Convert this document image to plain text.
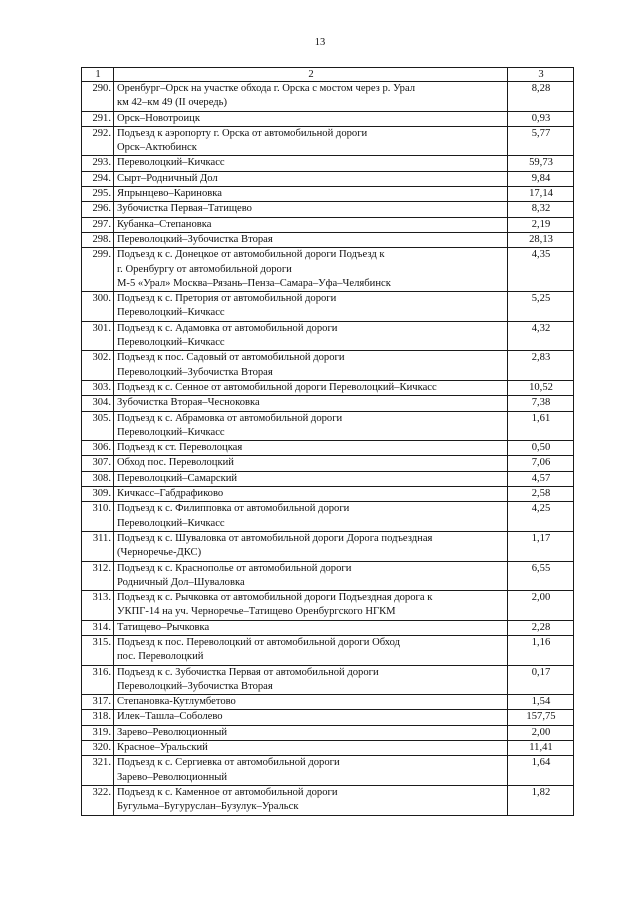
13
1	2	3
290.	Оренбург–Орск на участке обхода г. Орска с мостом через р. Урал
км 42–км 49 (II очередь)	8,28
291.	Орск–Новотроицк	0,93
292.	Подъезд к аэропорту г. Орска от автомобильной дороги
Орск–Актюбинск	5,77
293.	Переволоцкий–Кичкасс	59,73
294.	Сырт–Родничный Дол	9,84
295.	Япрынцево–Кариновка	17,14
296.	Зубочистка Первая–Татищево	8,32
297.	Кубанка–Степановка	2,19
298.	Переволоцкий–Зубочистка Вторая	28,13
299.	Подъезд к с. Донецкое от автомобильной дороги Подъезд к
г. Оренбургу от автомобильной дороги
М-5 «Урал» Москва–Рязань–Пенза–Самара–Уфа–Челябинск	4,35
300.	Подъезд к с. Претория от автомобильной дороги
Переволоцкий–Кичкасс	5,25
301.	Подъезд к с. Адамовка от автомобильной дороги
Переволоцкий–Кичкасс	4,32
302.	Подъезд к пос. Садовый от автомобильной дороги
Переволоцкий–Зубочистка Вторая	2,83
303.	Подъезд к с. Сенное от автомобильной дороги Переволоцкий–Кичкасс	10,52
304.	Зубочистка Вторая–Чесноковка	7,38
305.	Подъезд к с. Абрамовка от автомобильной дороги
Переволоцкий–Кичкасс	1,61
306.	Подъезд к ст. Переволоцкая	0,50
307.	Обход пос. Переволоцкий	7,06
308.	Переволоцкий–Самарский	4,57
309.	Кичкасс–Габдрафиково	2,58
310.	Подъезд к с. Филипповка от автомобильной дороги
Переволоцкий–Кичкасс	4,25
311.	Подъезд к с. Шуваловка от автомобильной дороги Дорога подъездная
(Черноречье-ДКС)	1,17
312.	Подъезд к с. Краснополье от автомобильной дороги
Родничный Дол–Шуваловка	6,55
313.	Подъезд к с. Рычковка от автомобильной дороги Подъездная дорога к
УКПГ-14 на уч. Черноречье–Татищево Оренбургского НГКМ	2,00
314.	Татищево–Рычковка	2,28
315.	Подъезд к пос. Переволоцкий от автомобильной дороги Обход
пос. Переволоцкий	1,16
316.	Подъезд к с. Зубочистка Первая от автомобильной дороги
Переволоцкий–Зубочистка Вторая	0,17
317.	Степановка-Кутлумбетово	1,54
318.	Илек–Ташла–Соболево	157,75
319.	Зарево–Революционный	2,00
320.	Красное–Уральский	11,41
321.	Подъезд к с. Сергиевка от автомобильной дороги
Зарево–Революционный	1,64
322.	Подъезд к с. Каменное от автомобильной дороги
Бугульма–Бугуруслан–Бузулук–Уральск	1,82
